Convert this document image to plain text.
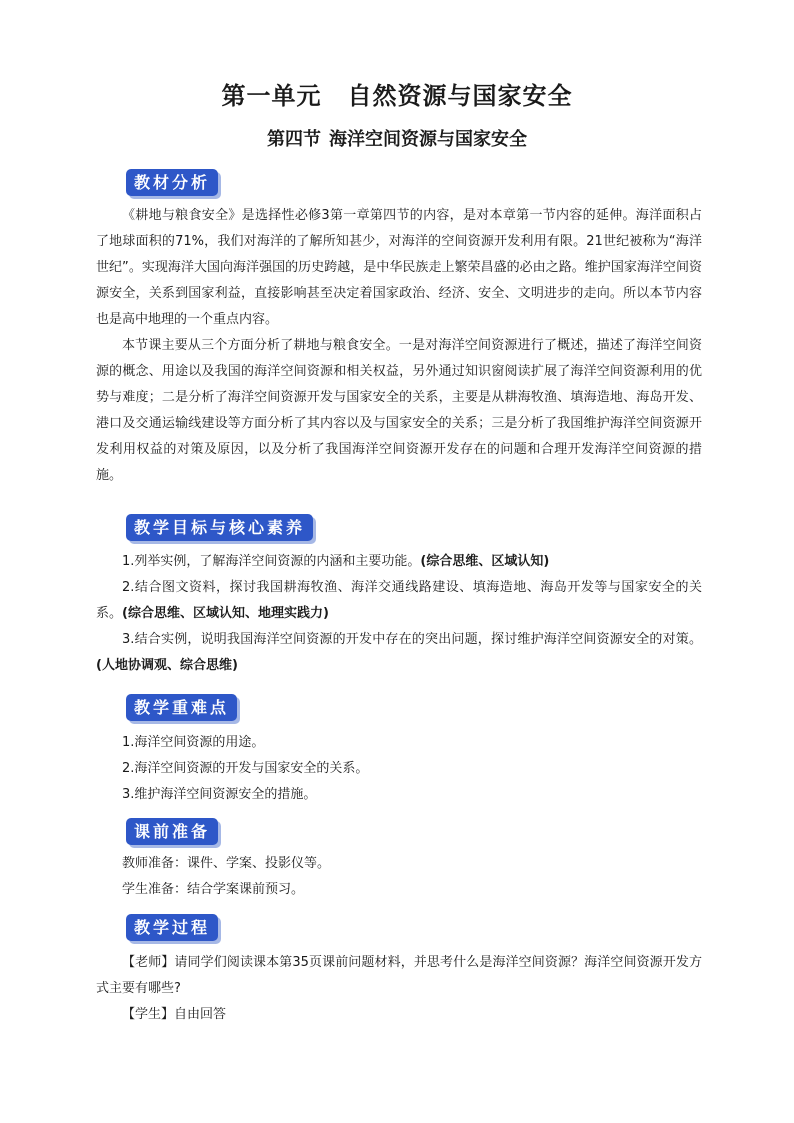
第一单元 自然资源与国家安全
第四节 海洋空间资源与国家安全
教材分析

《耕地与粮食安全》是选择性必修3第一章第四节的内容，是对本章第一节内容的延伸。海洋面积占了地球面积的71%，我们对海洋的了解所知甚少，对海洋的空间资源开发利用有限。21世纪被称为“海洋世纪”。实现海洋大国向海洋强国的历史跨越，是中华民族走上繁荣昌盛的必由之路。维护国家海洋空间资源安全，关系到国家利益，直接影响甚至决定着国家政治、经济、安全、文明进步的走向。所以本节内容也是高中地理的一个重点内容。

本节课主要从三个方面分析了耕地与粮食安全。一是对海洋空间资源进行了概述，描述了海洋空间资源的概念、用途以及我国的海洋空间资源和相关权益，另外通过知识窗阅读扩展了海洋空间资源利用的优势与难度；二是分析了海洋空间资源开发与国家安全的关系，主要是从耕海牧渔、填海造地、海岛开发、港口及交通运输线建设等方面分析了其内容以及与国家安全的关系；三是分析了我国维护海洋空间资源开发利用权益的对策及原因，以及分析了我国海洋空间资源开发存在的问题和合理开发海洋空间资源的措施。

教学目标与核心素养

1.列举实例，了解海洋空间资源的内涵和主要功能。(综合思维、区域认知)

2.结合图文资料，探讨我国耕海牧渔、海洋交通线路建设、填海造地、海岛开发等与国家安全的关系。(综合思维、区域认知、地理实践力)

3.结合实例，说明我国海洋空间资源的开发中存在的突出问题，探讨维护海洋空间资源安全的对策。(人地协调观、综合思维)

教学重难点

1.海洋空间资源的用途。

2.海洋空间资源的开发与国家安全的关系。

3.维护海洋空间资源安全的措施。

课前准备

教师准备：课件、学案、投影仪等。

学生准备：结合学案课前预习。

教学过程

【老师】请同学们阅读课本第35页课前问题材料，并思考什么是海洋空间资源？海洋空间资源开发方式主要有哪些?

【学生】自由回答
